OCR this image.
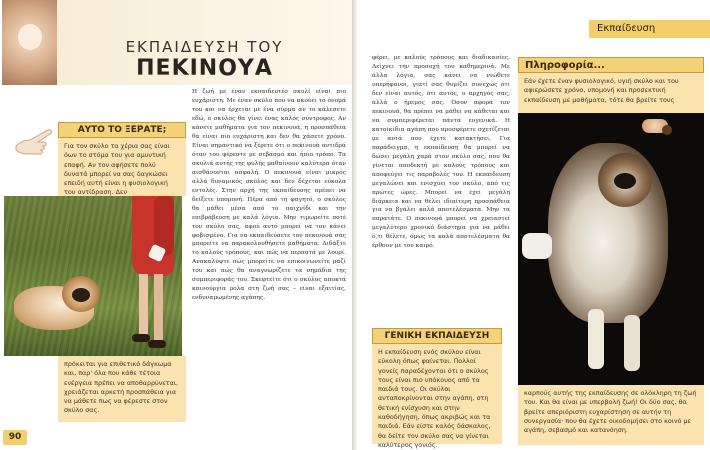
ΕΚΠΑΙΔΕΥΣΗ ΤΟΥ
ΠΕΚΙΝΟΥΑ
ΑΥΤΟ ΤΟ ΞΕΡΑΤΕ;
Για τον σκύλο τα χέρια σας είναι όων το στόμα του για αμυντική επαφή. Αν τον αφήσετε πολύ δυνατά μπορεί να σας δαγκώσει επειδή αυτή είναι η φυσιολογική του αντίδραση. Δεν
πρόκειται για επιθετικό δάγκωμα και, παρ' όλα που κάθε τέτοια ενέργεια πρέπει να αποθαρρύνεται, χρειάζεται αρκετή προσπάθεια για να μάθετε πως να φέρεστε στον σκύλο σας.
Η ζωή με έναν εκπαιδευτέο σκυλί είναι πιο ευχάριστη. Με έναν σκύλο που να ακούει το όνομά του και να έρχεται με ένα σύρμα αν το κάλεσετε εδώ, ο σκύλος θα γίνει ένας καλός σύντροφος. Αν κάνετε μαθήματα για τον πεκινουά, η προσπάθεια θα είναι πιο ευχάριστη και δεν θα χάσετε χρόνο. Είναι σημαντικό να ξέρετε ότι ο πεκινουά αντιδρά όταν του φέρεστε με σεβασμό και ήπιο τρόπο. Τα σκυλιά αυτής της φυλής μαθαίνουν καλύτερα όταν αισθάνονται ασφαλή. Ο πεκινουά είναι μικρός αλλά δυναμικός σκύλος και δεν δέχεται εύκολα εντολές. Στην αρχή της εκπαίδευσης πρέπει να δείξετε υπομονή. Πέρα από τη φαγητό, ο σκύλος θα μάθει μέσα από το παιχνίδι και την επιβράβευση με καλά λόγια. Μην τιμωρείτε ποτέ τον σκύλο σας, αφού αυτό μπορεί να τον κάνει φοβισμένο. Για να εκπαιδεύσετε τον πεκινουά σας μπορείτε να παρακολουθήσετε μαθήματα. Διδάξτε το καλούς τρόπους, και πώς να περπατά με λουρί. Ανακαλύψτε πώς μπορείτε να επικοινωνείτε μαζί του και πώς θα αναγνωρίζετε τα σημάδια της συμπεριφοράς του. Σκεφτείτε ότι ο σκύλος αποκτά καινούργια ρολα στη ζωή σας – είναι εξαιτίας, ενδυναμωμένης αγάπης.
90
φέρει, με καλούς τρόπους και διαδικασίες. Δείχνει την προσοχή του καθημερινά. Με άλλα λόγια, σας κάνει να νιώθετε υπερήφανοι, γιατί σας θυμίζει συνεχώς ότι δεν είναι αυτός, ότι αυτός, ο αρχηγός σας, αλλά ο ήρεμος σας. Όσον αφορά τον πεκινουά, θα πρέπει να μάθει να κάθεται και να συμπεριφέρεται πάντα ευγενικά. Η κατοίκίδια αγάπη που προσφέρετε σχετίζεται με αυτά που έχετε κατακτήσει. Για παράδειγμα, η εκπαίδευση θα μπορεί να δώσει μεγάλη χαρά στον σκύλο σας, που θα γίνεται αποδεκτή με καλούς τρόπους και αποφεύγει τις παραβολές του. Η εκπαίδευση μεγαλώνει και ενισχύει τον σκύλο, από τις πρώτες ώρες. Μπορεί να έχει μεγάλη διάρκεια και να θέλει ιδιαίτερη προσπάθεια για να βγάλει καλά αποτελέσματα. Μην τα παρατάτε. Ο πεκινουά μπορεί να χρειαστεί μεγαλύτερο χρονικό διάστημα για να μάθει ό,τι θέλετε, όμως τα καλά αποτελέσματα θα έρθουν με τον καιρό.
Εκπαίδευση
Πληροφορία...
Εάν έχετε έναν φυσιολογικό, υγιή σκύλο και του αφιερώσετε χρόνο, υπομονή και προσεκτική εκπαίδευση με μαθήματα, τότε θα βρείτε τους
καρπούς αυτής της εκπαίδευσης σε ολόκληρη τη ζωή του. Και θα είναι με υπερβολή ζωή! Οι δύο σας, θα βρείτε απεριόριστη ευχαρίστηση σε αυτήν τη συνεργασία· που θα έχετε οικοδομήσει στο κοινό με αγάπη, σεβασμό και κατανόηση.
ΓΕΝΙΚΗ ΕΚΠΑΙΔΕΥΣΗ
Η εκπαίδευση ενός σκύλου είναι εύκολη όπως φαίνεται. Πολλοί γονείς παραδέχονται ότι ο σκύλος τους είναι πιο υπάκουος από τα παιδιά τους. Οι σκύλοι ανταποκρίνονται στην αγάπη, στη θετική ενίσχυση και στην καθοδήγηση, όπως ακριβώς και τα παιδιά. Εάν είστε καλός δάσκαλος, θα δείτε τον σκύλο σας να γίνεται καλύτερος γονιός.
